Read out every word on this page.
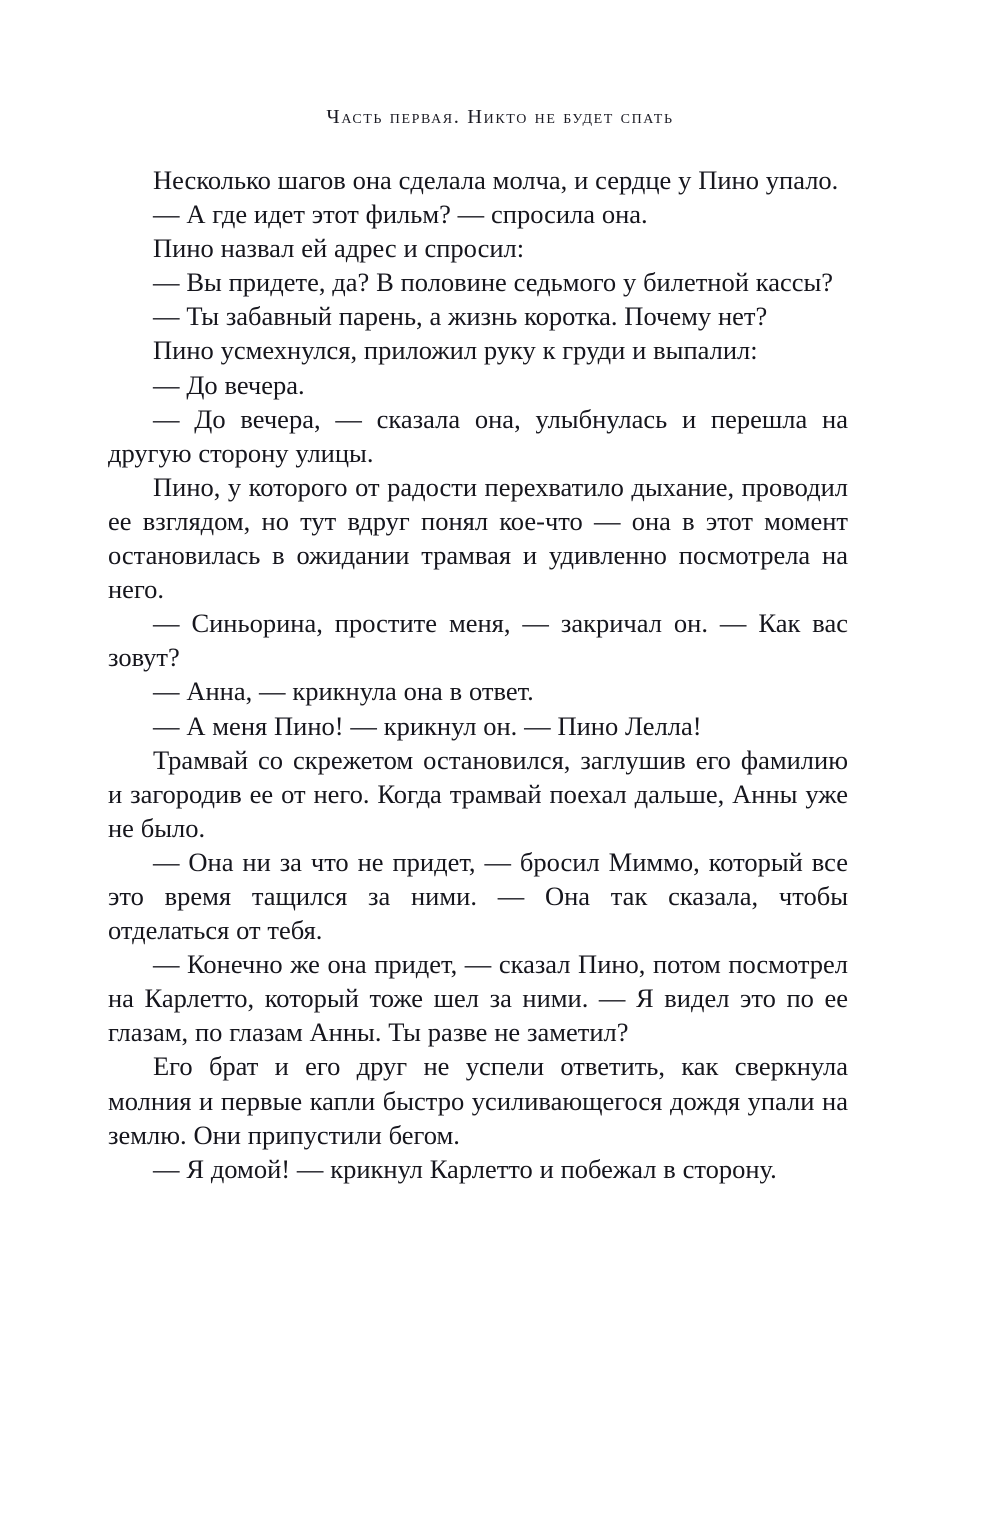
Часть первая. Никто не будет спать

Несколько шагов она сделала молча, и сердце у Пино упало.

— А где идет этот фильм? — спросила она.

Пино назвал ей адрес и спросил:

— Вы придете, да? В половине седьмого у билетной кассы?

— Ты забавный парень, а жизнь коротка. Почему нет?

Пино усмехнулся, приложил руку к груди и выпалил:

— До вечера.

— До вечера, — сказала она, улыбнулась и перешла на другую сторону улицы.

Пино, у которого от радости перехватило дыхание, проводил ее взглядом, но тут вдруг понял кое-что — она в этот момент остановилась в ожидании трамвая и удивленно посмотрела на него.

— Синьорина, простите меня, — закричал он. — Как вас зовут?

— Анна, — крикнула она в ответ.

— А меня Пино! — крикнул он. — Пино Лелла!

Трамвай со скрежетом остановился, заглушив его фамилию и загородив ее от него. Когда трамвай поехал дальше, Анны уже не было.

— Она ни за что не придет, — бросил Миммо, который все это время тащился за ними. — Она так сказала, чтобы отделаться от тебя.

— Конечно же она придет, — сказал Пино, потом посмотрел на Карлетто, который тоже шел за ними. — Я видел это по ее глазам, по глазам Анны. Ты разве не заметил?

Его брат и его друг не успели ответить, как сверкнула молния и первые капли быстро усиливающегося дождя упали на землю. Они припустили бегом.

— Я домой! — крикнул Карлетто и побежал в сторону.
